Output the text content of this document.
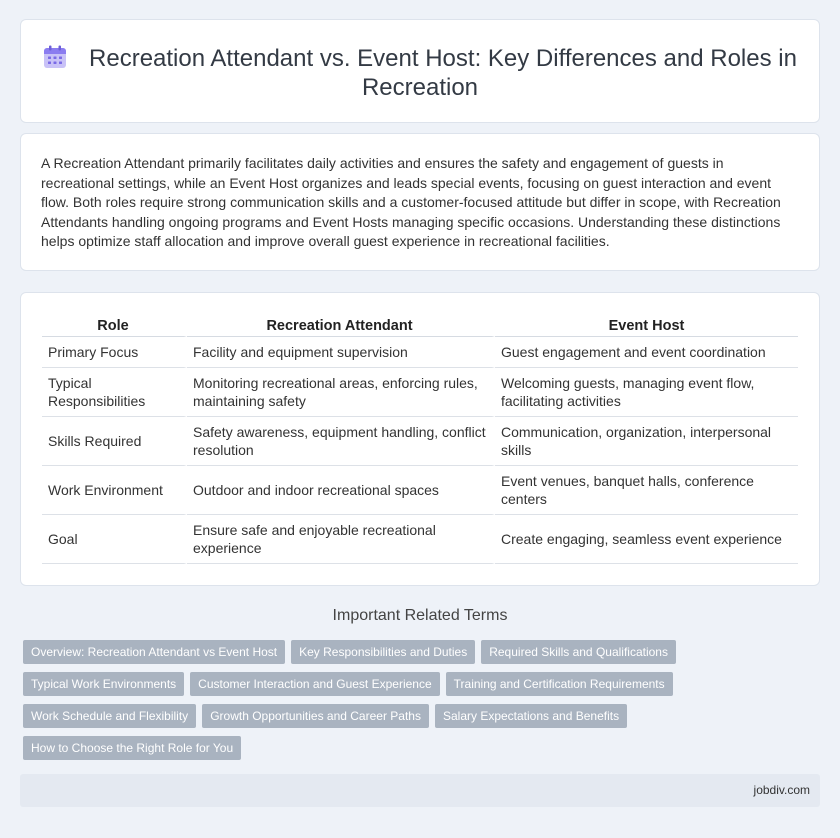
Recreation Attendant vs. Event Host: Key Differences and Roles in Recreation

A Recreation Attendant primarily facilitates daily activities and ensures the safety and engagement of guests in recreational settings, while an Event Host organizes and leads special events, focusing on guest interaction and event flow. Both roles require strong communication skills and a customer-focused attitude but differ in scope, with Recreation Attendants handling ongoing programs and Event Hosts managing specific occasions. Understanding these distinctions helps optimize staff allocation and improve overall guest experience in recreational facilities.

Role	Recreation Attendant	Event Host
Primary Focus	Facility and equipment supervision	Guest engagement and event coordination
Typical Responsibilities	Monitoring recreational areas, enforcing rules, maintaining safety	Welcoming guests, managing event flow, facilitating activities
Skills Required	Safety awareness, equipment handling, conflict resolution	Communication, organization, interpersonal skills
Work Environment	Outdoor and indoor recreational spaces	Event venues, banquet halls, conference centers
Goal	Ensure safe and enjoyable recreational experience	Create engaging, seamless event experience
Important Related Terms
Overview: Recreation Attendant vs Event Host	Key Responsibilities and Duties	Required Skills and Qualifications
Typical Work Environments	Customer Interaction and Guest Experience	Training and Certification Requirements
Work Schedule and Flexibility	Growth Opportunities and Career Paths	Salary Expectations and Benefits
How to Choose the Right Role for You
jobdiv.com
